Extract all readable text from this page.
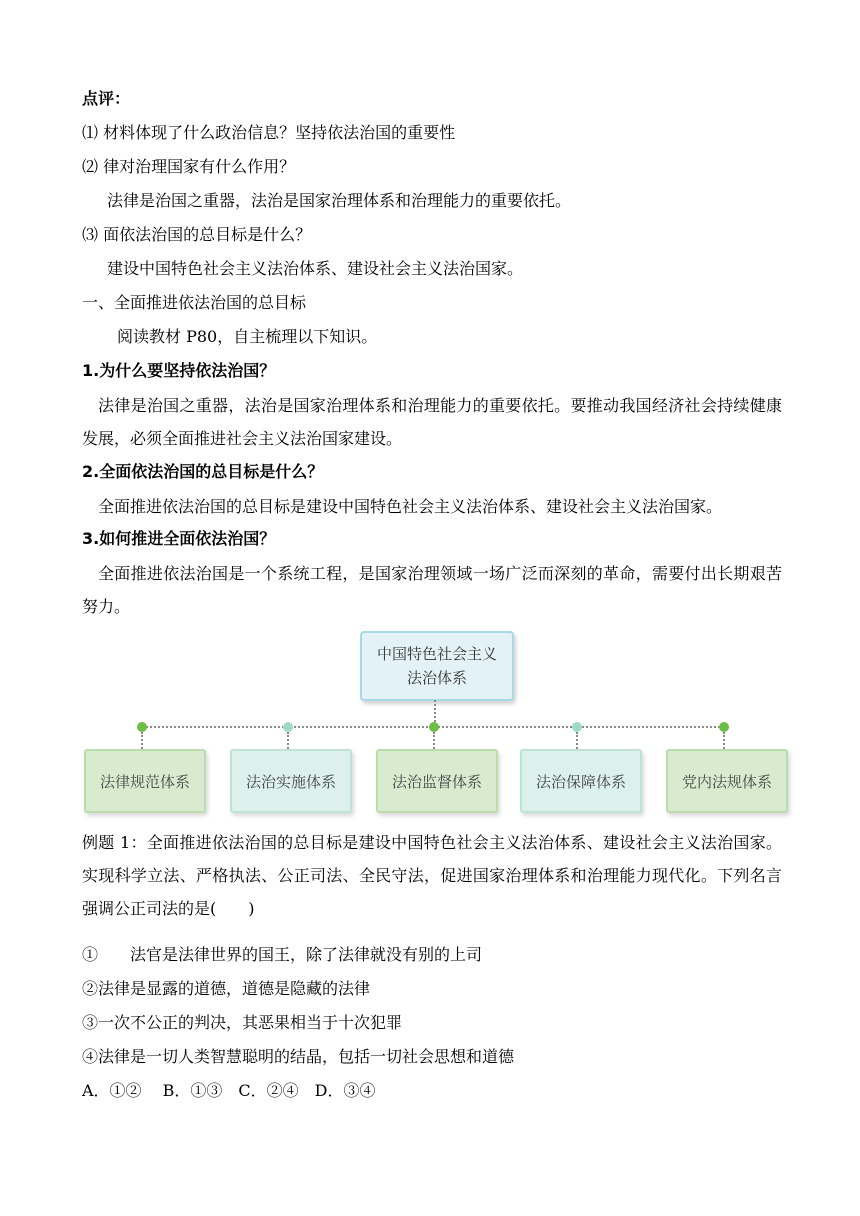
点评：
⑴ 材料体现了什么政治信息？坚持依法治国的重要性
⑵ 律对治理国家有什么作用？
法律是治国之重器，法治是国家治理体系和治理能力的重要依托。
⑶ 面依法治国的总目标是什么？
建设中国特色社会主义法治体系、建设社会主义法治国家。
一、全面推进依法治国的总目标
阅读教材 P80，自主梳理以下知识。
1.为什么要坚持依法治国？
法律是治国之重器，法治是国家治理体系和治理能力的重要依托。要推动我国经济社会持续健康发展，必须全面推进社会主义法治国家建设。
2.全面依法治国的总目标是什么？
全面推进依法治国的总目标是建设中国特色社会主义法治体系、建设社会主义法治国家。
3.如何推进全面依法治国？
全面推进依法治国是一个系统工程，是国家治理领域一场广泛而深刻的革命，需要付出长期艰苦努力。
中国特色社会主义
法治体系
法律规范体系	法治实施体系	法治监督体系	法治保障体系	党内法规体系
例题 1：全面推进依法治国的总目标是建设中国特色社会主义法治体系、建设社会主义法治国家。实现科学立法、严格执法、公正司法、全民守法，促进国家治理体系和治理能力现代化。下列名言强调公正司法的是(　　)
①　　法官是法律世界的国王，除了法律就没有别的上司
②法律是显露的道德，道德是隐藏的法律
③一次不公正的判决，其恶果相当于十次犯罪
④法律是一切人类智慧聪明的结晶，包括一切社会思想和道德
A．①②　 B．①③　C．②④　D．③④
